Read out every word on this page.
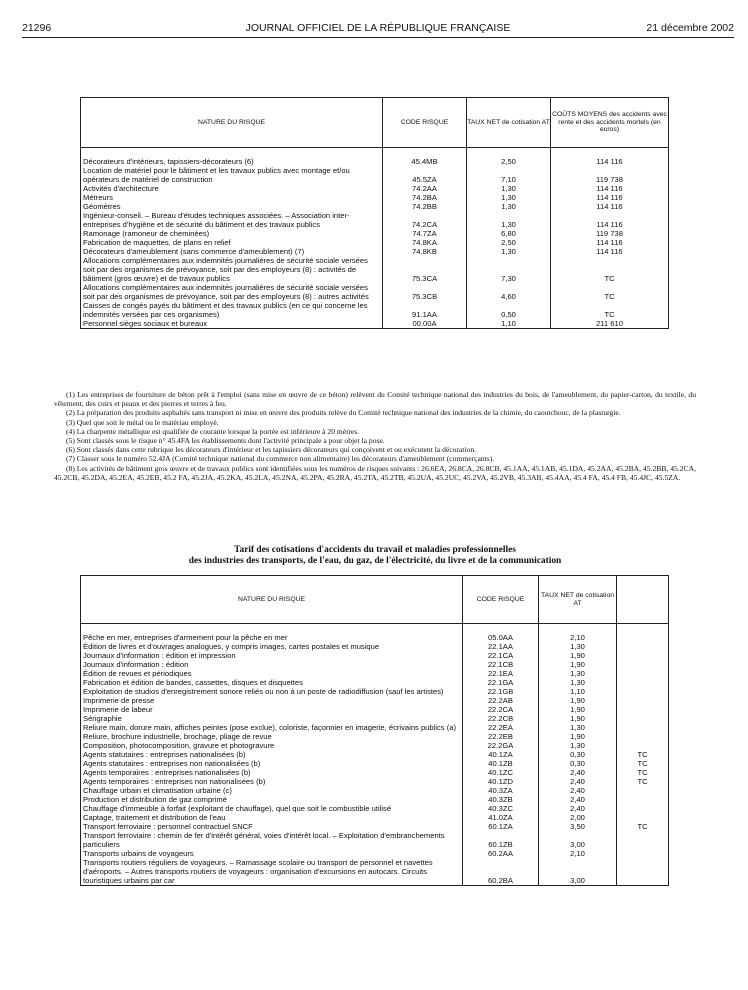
21296	JOURNAL OFFICIEL DE LA RÉPUBLIQUE FRANÇAISE	21 décembre 2002
NATURE DU RISQUE	CODE RISQUE	TAUX NET de cotisation AT	COÛTS MOYENS des accidents avec rente et des accidents mortels (en euros)

Décorateurs d'intérieurs, tapissiers-décorateurs (6)	45.4MB	2,50	114 116
Location de matériel pour le bâtiment et les travaux publics avec montage et/ou opérateurs de matériel de construction	45.5ZA	7,10	119 738
Activités d'architecture	74.2AA	1,30	114 116
Métreurs	74.2BA	1,30	114 116
Géomètres	74.2BB	1,30	114 116
Ingénieur-conseil. – Bureau d'études techniques associées. – Association inter-entreprises d'hygiène et de sécurité du bâtiment et des travaux publics	74.2CA	1,30	114 116
Ramonage (ramoneur de cheminées)	74.7ZA	6,80	119 738
Fabrication de maquettes, de plans en relief	74.8KA	2,50	114 116
Décorateurs d'ameublement (sans commerce d'ameublement) (7)	74.8KB	1,30	114 116
Allocations complémentaires aux indemnités journalières de sécurité sociale versées soit par des organismes de prévoyance, soit par des employeurs (8) : activités de bâtiment (gros œuvre) et de travaux publics	75.3CA	7,30	TC
Allocations complémentaires aux indemnités journalières de sécurité sociale versées soit par des organismes de prévoyance, soit par des employeurs (8) : autres activités	75.3CB	4,60	TC
Caisses de congés payés du bâtiment et des travaux publics (en ce qui concerne les indemnités versées par ces organismes)	91.1AA	0,50	TC
Personnel sièges sociaux et bureaux	00.00A	1,10	211 610

(1) Les entreprises de fourniture de béton prêt à l'emploi (sans mise en œuvre de ce béton) relèvent du Comité technique national des industries du bois, de l'ameublement, du papier-carton, du textile, du vêtement, des cuirs et peaux et des pierres et terres à feu.

(2) La préparation des produits asphaltés sans transport ni mise en œuvre des produits relève du Comité technique national des industries de la chimie, du caoutchouc, de la plasturgie.

(3) Quel que soit le métal ou le matériau employé.

(4) La charpente métallique est qualifiée de courante lorsque la portée est inférieure à 20 mètres.

(5) Sont classés sous le risque n° 45.4FA les établissements dont l'activité principale a pour objet la pose.

(6) Sont classés dans cette rubrique les décorateurs d'intérieur et les tapissiers décorateurs qui conçoivent et ou exécutent la décoration.

(7) Classer sous le numéro 52.4JA (Comité technique national du commerce non alimentaire) les décorateurs d'ameublement (commerçants).

(8) Les activités de bâtiment gros œuvre et de travaux publics sont identifiées sous les numéros de risques suivants : 26.6EA, 26.8CA, 26.8CB, 45.1AA, 45.1AB, 45.1DA, 45.2AA, 45.2BA, 45.2BB, 45.2CA, 45.2CB, 45.2DA, 45.2EA, 45.2EB, 45.2 FA, 45.2JA, 45.2KA, 45.2LA, 45.2NA, 45.2PA, 45.2RA, 45.2TA, 45.2TB, 45.2UA, 45.2UC, 45.2VA, 45.2VB, 45.3AB, 45.4AA, 45.4 FA, 45.4 FB, 45.4JC, 45.5ZA.

Tarif des cotisations d'accidents du travail et maladies professionnelles
des industries des transports, de l'eau, du gaz, de l'électricité, du livre et de la communication
NATURE DU RISQUE	CODE RISQUE	TAUX NET de cotisation AT	

Pêche en mer, entreprises d'armement pour la pêche en mer	05.0AA	2,10	
Édition de livres et d'ouvrages analogues, y compris images, cartes postales et musique	22.1AA	1,30	
Journaux d'information : édition et impression	22.1CA	1,90	
Journaux d'information : édition	22.1CB	1,90	
Édition de revues et périodiques	22.1EA	1,30	
Fabrication et édition de bandes, cassettes, disques et disquettes	22.1GA	1,30	
Exploitation de studios d'enregistrement sonore reliés ou non à un poste de radiodiffusion (sauf les artistes)	22.1GB	1,10	
Imprimerie de presse	22.2AB	1,90	
Imprimerie de labeur	22.2CA	1,90	
Sérigraphie	22.2CB	1,90	
Reliure main, dorure main, affiches peintes (pose exclue), coloriste, façonnier en imagerie, écrivains publics (a)	22.2EA	1,30	
Reliure, brochure industrielle, brochage, pliage de revue	22.2EB	1,90	
Composition, photocomposition, gravure et photogravure	22.2GA	1,30	
Agents statutaires : entreprises nationalisées (b)	40.1ZA	0,30	TC
Agents statutaires : entreprises non nationalisées (b)	40.1ZB	0,30	TC
Agents temporaires : entreprises nationalisées (b)	40.1ZC	2,40	TC
Agents temporaires : entreprises non nationalisées (b)	40.1ZD	2,40	TC
Chauffage urbain et climatisation urbaine (c)	40.3ZA	2,40	
Production et distribution de gaz comprimé	40.3ZB	2,40	
Chauffage d'immeuble à forfait (exploitant de chauffage), quel que soit le combustible utilisé	40.3ZC	2,40	
Captage, traitement et distribution de l'eau	41.0ZA	2,00	
Transport ferroviaire : personnel contractuel SNCF	60.1ZA	3,50	TC
Transport ferroviaire : chemin de fer d'intérêt général, voies d'intérêt local. – Exploitation d'embranchements particuliers	60.1ZB	3,00	
Transports urbains de voyageurs	60.2AA	2,10	
Transports routiers réguliers de voyageurs. – Ramassage scolaire ou transport de personnel et navettes d'aéroports. – Autres transports routiers de voyageurs : organisation d'excursions en autocars. Circuits touristiques urbains par car	60.2BA	3,00	
